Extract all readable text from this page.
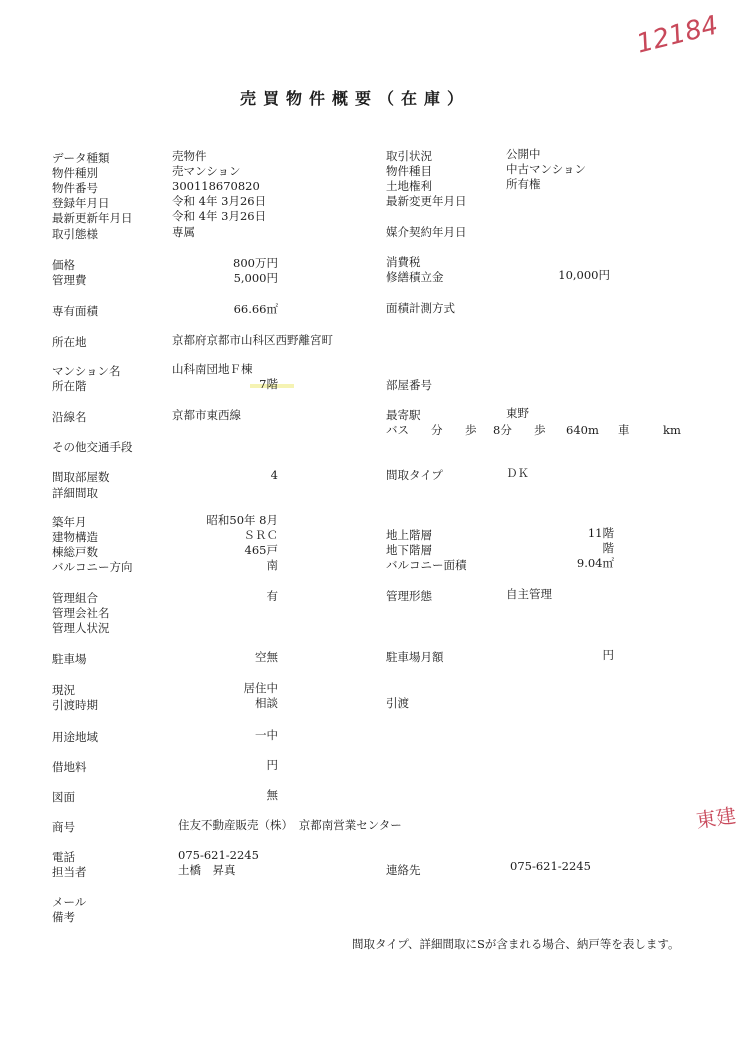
12184
東建
売買物件概要（在庫）
データ種類	売物件
物件種別	売マンション
物件番号	300118670820
登録年月日	令和 4年 3月26日
最新更新年月日	令和 4年 3月26日
取引態様	専属
価格	800万円
管理費	5,000円
専有面積	66.66㎡
所在地	京都府京都市山科区西野離宮町
マンション名	山科南団地Ｆ棟
所在階	7階
沿線名	京都市東西線
その他交通手段
間取部屋数	4
詳細間取
築年月	昭和50年 8月
建物構造	ＳＲＣ
棟総戸数	465戸
バルコニー方向	南
管理組合	有
管理会社名
管理人状況
駐車場	空無
現況	居住中
引渡時期	相談
用途地域	一中
借地料	円
図面	無
商号	住友不動産販売（株）　京都南営業センター
電話	075-621-2245
担当者	土橋　昇真
メール
備考
取引状況	公開中
物件種目	中古マンション
土地権利	所有権
最新変更年月日
媒介契約年月日
消費税
修繕積立金	10,000円
面積計測方式
部屋番号
最寄駅	東野
バス 分 歩 8分 歩 640m 車	km
間取タイプ	ＤＫ
地上階層	11階
地下階層	階
バルコニー面積	9.04㎡
管理形態	自主管理
駐車場月額	円
引渡
連絡先	075-621-2245
間取タイプ、詳細間取にSが含まれる場合、納戸等を表します。
